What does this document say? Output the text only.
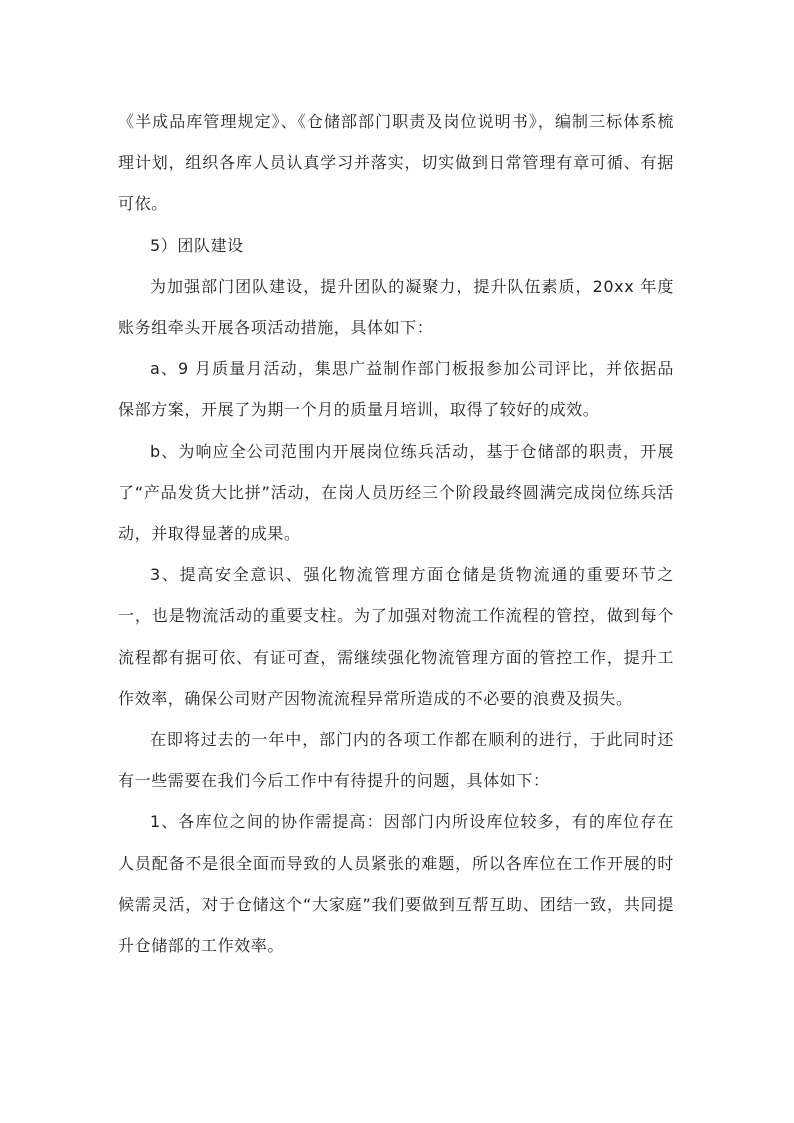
《半成品库管理规定》、《仓储部部门职责及岗位说明书》，编制三标体系梳理计划，组织各库人员认真学习并落实，切实做到日常管理有章可循、有据可依。

5）团队建设

为加强部门团队建设，提升团队的凝聚力，提升队伍素质，20xx 年度账务组牵头开展各项活动措施，具体如下：

a、9 月质量月活动，集思广益制作部门板报参加公司评比，并依据品保部方案，开展了为期一个月的质量月培训，取得了较好的成效。

b、为响应全公司范围内开展岗位练兵活动，基于仓储部的职责，开展了“产品发货大比拼”活动，在岗人员历经三个阶段最终圆满完成岗位练兵活动，并取得显著的成果。

3、提高安全意识、强化物流管理方面仓储是货物流通的重要环节之一，也是物流活动的重要支柱。为了加强对物流工作流程的管控，做到每个流程都有据可依、有证可查，需继续强化物流管理方面的管控工作，提升工作效率，确保公司财产因物流流程异常所造成的不必要的浪费及损失。

在即将过去的一年中，部门内的各项工作都在顺利的进行，于此同时还有一些需要在我们今后工作中有待提升的问题，具体如下：

1、各库位之间的协作需提高：因部门内所设库位较多，有的库位存在人员配备不是很全面而导致的人员紧张的难题，所以各库位在工作开展的时候需灵活，对于仓储这个“大家庭”我们要做到互帮互助、团结一致，共同提升仓储部的工作效率。
